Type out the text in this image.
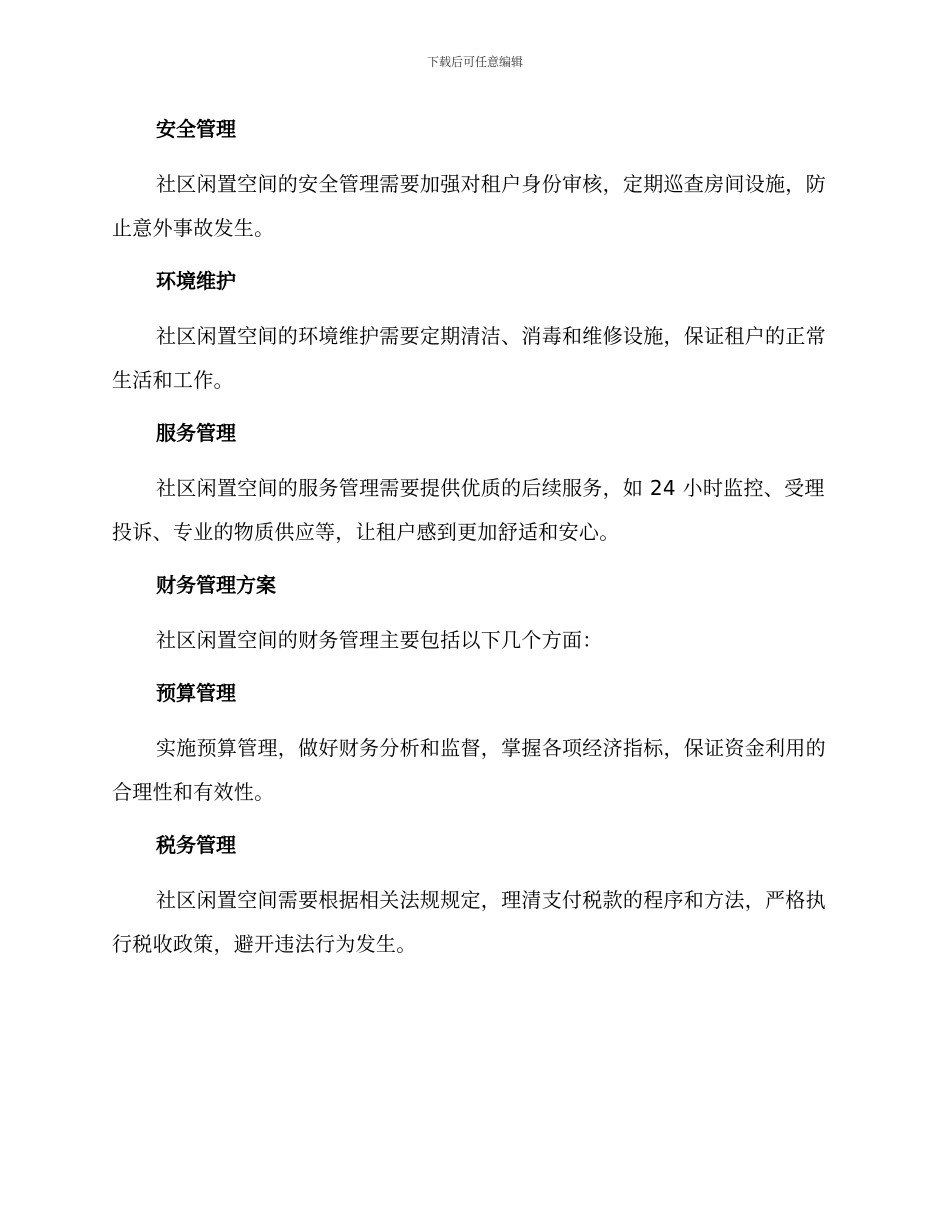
下载后可任意编辑
安全管理

社区闲置空间的安全管理需要加强对租户身份审核，定期巡查房间设施，防止意外事故发生。

环境维护

社区闲置空间的环境维护需要定期清洁、消毒和维修设施，保证租户的正常生活和工作。

服务管理

社区闲置空间的服务管理需要提供优质的后续服务，如 24 小时监控、受理投诉、专业的物质供应等，让租户感到更加舒适和安心。

财务管理方案

社区闲置空间的财务管理主要包括以下几个方面：

预算管理

实施预算管理，做好财务分析和监督，掌握各项经济指标，保证资金利用的合理性和有效性。

税务管理

社区闲置空间需要根据相关法规规定，理清支付税款的程序和方法，严格执行税收政策，避开违法行为发生。
